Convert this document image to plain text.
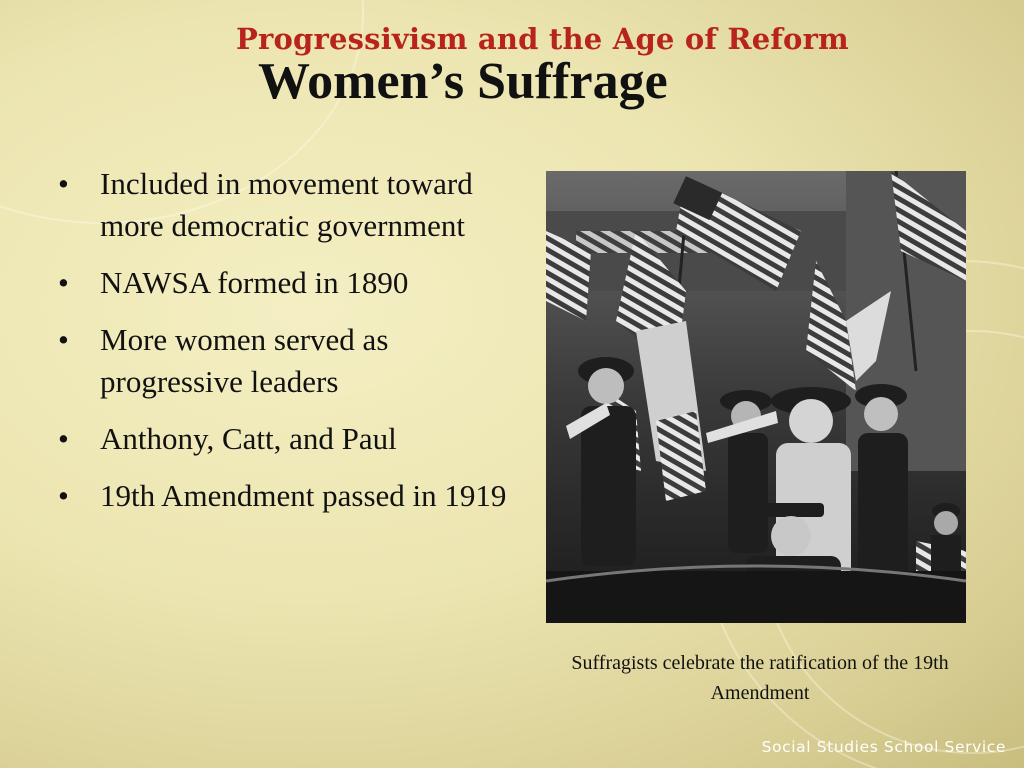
Progressivism and the Age of Reform
Women’s Suffrage
• Included in movement toward more democratic government
• NAWSA formed in 1890
• More women served as progressive leaders
• Anthony, Catt, and Paul
• 19th Amendment passed in 1919
Suffragists celebrate the ratification of the 19th Amendment
Social Studies School Service
